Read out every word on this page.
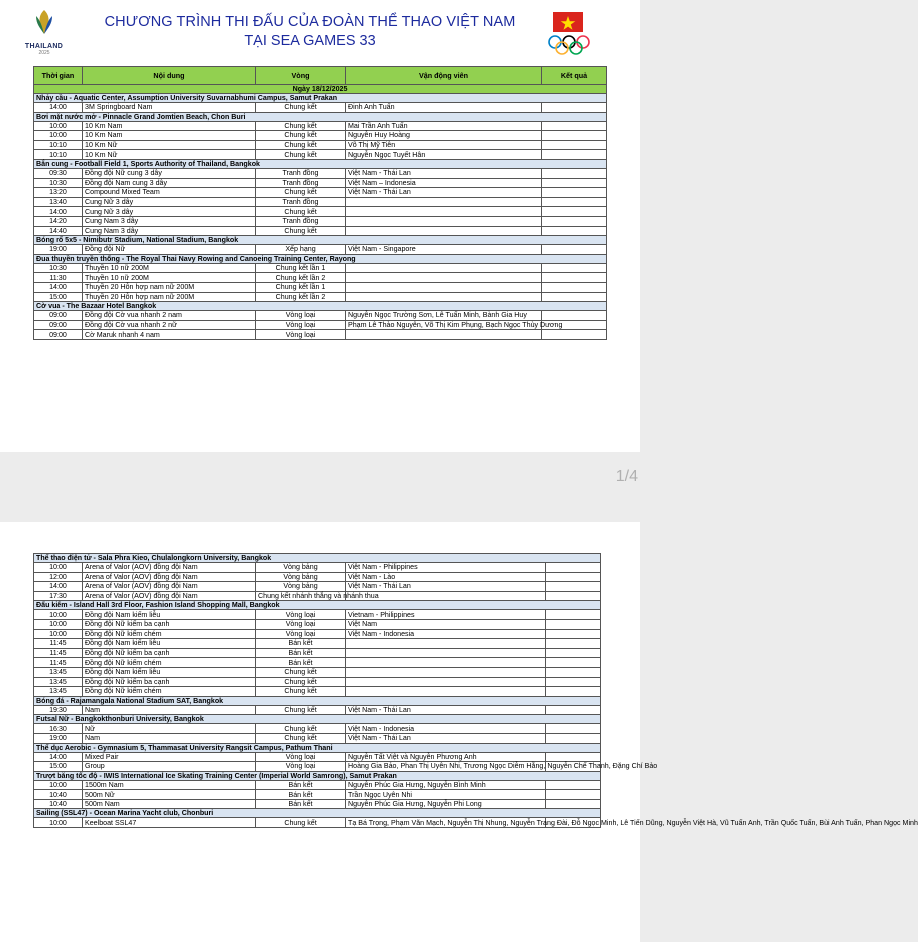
THAILAND
2025
CHƯƠNG TRÌNH THI ĐẤU CỦA ĐOÀN THỂ THAO VIỆT NAM
TẠI SEA GAMES 33
Thời gian	Nội dung	Vòng	Vận động viên	Kết quả
Ngày 18/12/2025				
Nhảy cầu - Aquatic Center, Assumption University Suvarnabhumi Campus, Samut Prakan				
14:00	3M Springboard Nam	Chung kết	Đinh Anh Tuấn	
Bơi mặt nước mở - Pinnacle Grand Jomtien Beach, Chon Buri				
10:00	10 Km Nam	Chung kết	Mai Trần Anh Tuấn	
10:00	10 Km Nam	Chung kết	Nguyễn Huy Hoàng	
10:10	10 Km Nữ	Chung kết	Võ Thị Mỹ Tiên	
10:10	10 Km Nữ	Chung kết	Nguyễn Ngọc Tuyết Hân	
Bắn cung - Football Field 1, Sports Authority of Thailand, Bangkok				
09:30	Đồng đội Nữ cung 3 dây	Tranh đồng	Việt Nam - Thái Lan	
10:30	Đồng đội Nam cung 3 dây	Tranh đồng	Việt Nam – Indonesia	
13:20	Compound Mixed Team	Chung kết	Việt Nam - Thái Lan	
13:40	Cung Nữ 3 dây	Tranh đồng		
14:00	Cung Nữ 3 dây	Chung kết		
14:20	Cung Nam 3 dây	Tranh đồng		
14:40	Cung Nam 3 dây	Chung kết		
Bóng rổ 5x5 - Nimibutr Stadium, National Stadium, Bangkok				
19:00	Đồng đội Nữ	Xếp hạng	Việt Nam - Singapore	
Đua thuyền truyền thống - The Royal Thai Navy Rowing and Canoeing Training Center, Rayong				
10:30	Thuyền 10 nữ 200M	Chung kết lần 1		
11:30	Thuyền 10 nữ 200M	Chung kết lần 2		
14:00	Thuyền 20 Hỗn hợp nam nữ 200M	Chung kết lần 1		
15:00	Thuyền 20 Hỗn hợp nam nữ 200M	Chung kết lần 2		
Cờ vua - The Bazaar Hotel Bangkok				
09:00	Đồng đội Cờ vua nhanh 2 nam	Vòng loại	Nguyễn Ngọc Trường Sơn, Lê Tuấn Minh, Bành Gia Huy	
09:00	Đồng đội Cờ vua nhanh 2 nữ	Vòng loại	Phạm Lê Thảo Nguyên, Võ Thị Kim Phụng, Bạch Ngọc Thùy Dương	
09:00	Cờ Maruk nhanh 4 nam	Vòng loại		
1/4
Thể thao điện tử - Sala Phra Kieo, Chulalongkorn University, Bangkok				
10:00	Arena of Valor (AOV) đồng đội Nam	Vòng bảng	Việt Nam - Philippines	
12:00	Arena of Valor (AOV) đồng đội Nam	Vòng bảng	Việt Nam - Lào	
14:00	Arena of Valor (AOV) đồng đội Nam	Vòng bảng	Việt Nam - Thái Lan	
17:30	Arena of Valor (AOV) đồng đội Nam	Chung kết nhánh thắng và nhánh thua		
Đấu kiếm - Island Hall 3rd Floor, Fashion Island Shopping Mall, Bangkok				
10:00	Đồng đội Nam kiếm liễu	Vòng loại	Vietnam - Philippines	
10:00	Đồng đội Nữ kiếm ba cạnh	Vòng loại	Việt Nam	
10:00	Đồng đội Nữ kiếm chém	Vòng loại	Việt Nam - Indonesia	
11:45	Đồng đội Nam kiếm liễu	Bán kết		
11:45	Đồng đội Nữ kiếm ba cạnh	Bán kết		
11:45	Đồng đội Nữ kiếm chém	Bán kết		
13:45	Đồng đội Nam kiếm liễu	Chung kết		
13:45	Đồng đội Nữ kiếm ba cạnh	Chung kết		
13:45	Đồng đội Nữ kiếm chém	Chung kết		
Bóng đá - Rajamangala National Stadium SAT, Bangkok				
19:30	Nam	Chung kết	Việt Nam - Thái Lan	
Futsal Nữ - Bangkokthonburi University, Bangkok				
16:30	Nữ	Chung kết	Việt Nam - Indonesia	
19:00	Nam	Chung kết	Việt Nam - Thái Lan	
Thể dục Aerobic - Gymnasium 5, Thammasat University Rangsit Campus, Pathum Thani				
14:00	Mixed Pair	Vòng loại	Nguyễn Tất Việt và Nguyễn Phương Anh	
15:00	Group	Vòng loại	Hoàng Gia Bảo, Phan Thị Uyên Nhi, Trương Ngọc Diễm Hằng, Nguyễn Chế Thanh, Đặng Chí Bảo	
Trượt băng tốc độ - IWIS International Ice Skating Training Center (Imperial World Samrong), Samut Prakan				
10:00	1500m Nam	Bán kết	Nguyễn Phúc Gia Hưng, Nguyễn Bình Minh	
10:40	500m Nữ	Bán kết	Trần Ngọc Uyên Nhi	
10:40	500m Nam	Bán kết	Nguyễn Phúc Gia Hưng, Nguyễn Phi Long	
Sailing (SSL47) - Ocean Marina Yacht club, Chonburi				
10:00	Keelboat SSL47	Chung kết	Tạ Bá Trọng, Phạm Văn Mạch, Nguyễn Thị Nhung, Nguyễn Trang Đài, Đỗ Ngọc Minh, Lê Tiến Dũng, Nguyễn Việt Hà, Vũ Tuấn Anh, Trần Quốc Tuấn, Bùi Anh Tuấn, Phan Ngọc Minh	
